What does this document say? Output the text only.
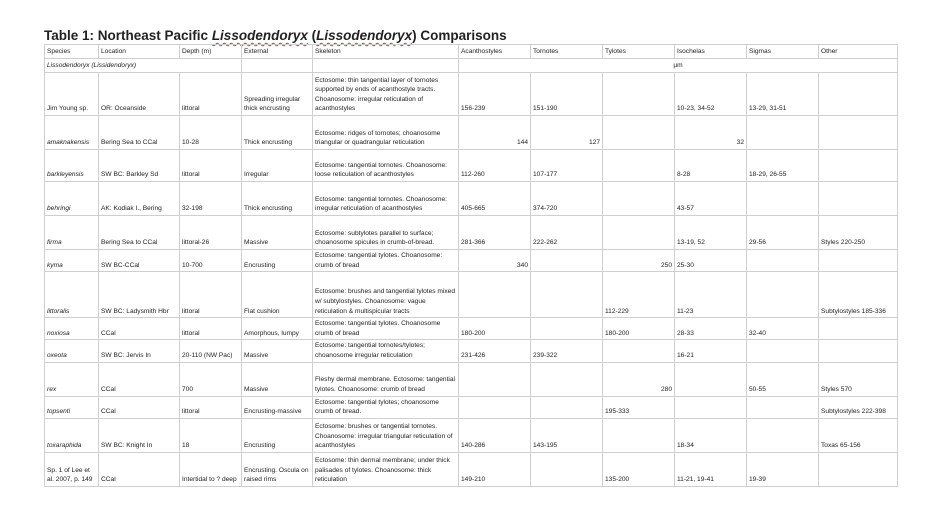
Table 1: Northeast Pacific Lissodendoryx (Lissodendoryx) Comparisons
Species	Location	Depth (m)	External	Skeleton	Acanthostyles	Tornotes	Tylotes	Isochelas	Sigmas	Other
Lissodendoryx (Lissidendoryx)					µm					
Jim Young sp.	OR: Oceanside	littoral	Spreading irregular thick encrusting	Ectosome: thin tangential layer of tornotes supported by ends of acanthostyle tracts. Choanosome: irregular reticulation of acanthostyles	156-239	151-190		10-23, 34-52	13-29, 31-51	
amaknakensis	Bering Sea to CCal	10-28	Thick encrusting	Ectosome: ridges of tornotes; choanosome triangular or quadrangular reticulation	144	127		32		
barkleyensis	SW BC: Barkley Sd	littoral	Irregular	Ectosome: tangential tornotes. Choanosome: loose reticulation of acanthostyles	112-260	107-177		8-28	18-29, 26-55	
behringi	AK: Kodiak I., Bering	32-198	Thick encrusting	Ectosome: tangential tornotes. Choanosome: irregular reticulation of acanthostyles	405-665	374-720		43-57		
firma	Bering Sea to CCal	littoral-26	Massive	Ectosome: subtylotes parallel to surface; choanosome spicules in crumb-of-bread.	281-366	222-262		13-19, 52	29-56	Styles 220-250
kyma	SW BC-CCal	10-700	Encrusting	Ectosome: tangential tylotes. Choanosome: crumb of bread	340		250	25-30		
littoralis	SW BC: Ladysmith Hbr	littoral	Flat cushion	Ectosome: brushes and tangential tylotes mixed w/ subtylostyles. Choanosome: vague reticulation & multispicular tracts			112-229	11-23		Subtylostyles 185-336
noxiosa	CCal	littoral	Amorphous, lumpy	Ectosome: tangential tylotes. Choanosome crumb of bread	180-200		180-200	28-33	32-40	
oxeota	SW BC: Jervis In	20-110 (NW Pac)	Massive	Ectosome: tangential tornotes/tylotes; choanosome irregular reticulation	231-426	239-322		16-21		
rex	CCal	700	Massive	Fleshy dermal membrane. Ectosome: tangential tylotes. Choanosome: crumb of bread			280		50-55	Styles 570
topsenti	CCal	littoral	Encrusting-massive	Ectosome: tangential tylotes; choanosome crumb of bread.			195-333			Subtylostyles 222-398
toxaraphida	SW BC: Knight In	18	Encrusting	Ectosome: brushes or tangential tornotes. Choanosome: irregular triangular reticulation of acanthostyles	140-286	143-195		18-34		Toxas 65-156
Sp. 1 of Lee et al. 2007, p. 149	CCal	Intertidal to ? deep	Encrusting. Oscula on raised rims	Ectosome: thin dermal membrane; under thick palisades of tylotes. Choanosome: thick reticulation	149-210		135-200	11-21, 19-41	19-39	
